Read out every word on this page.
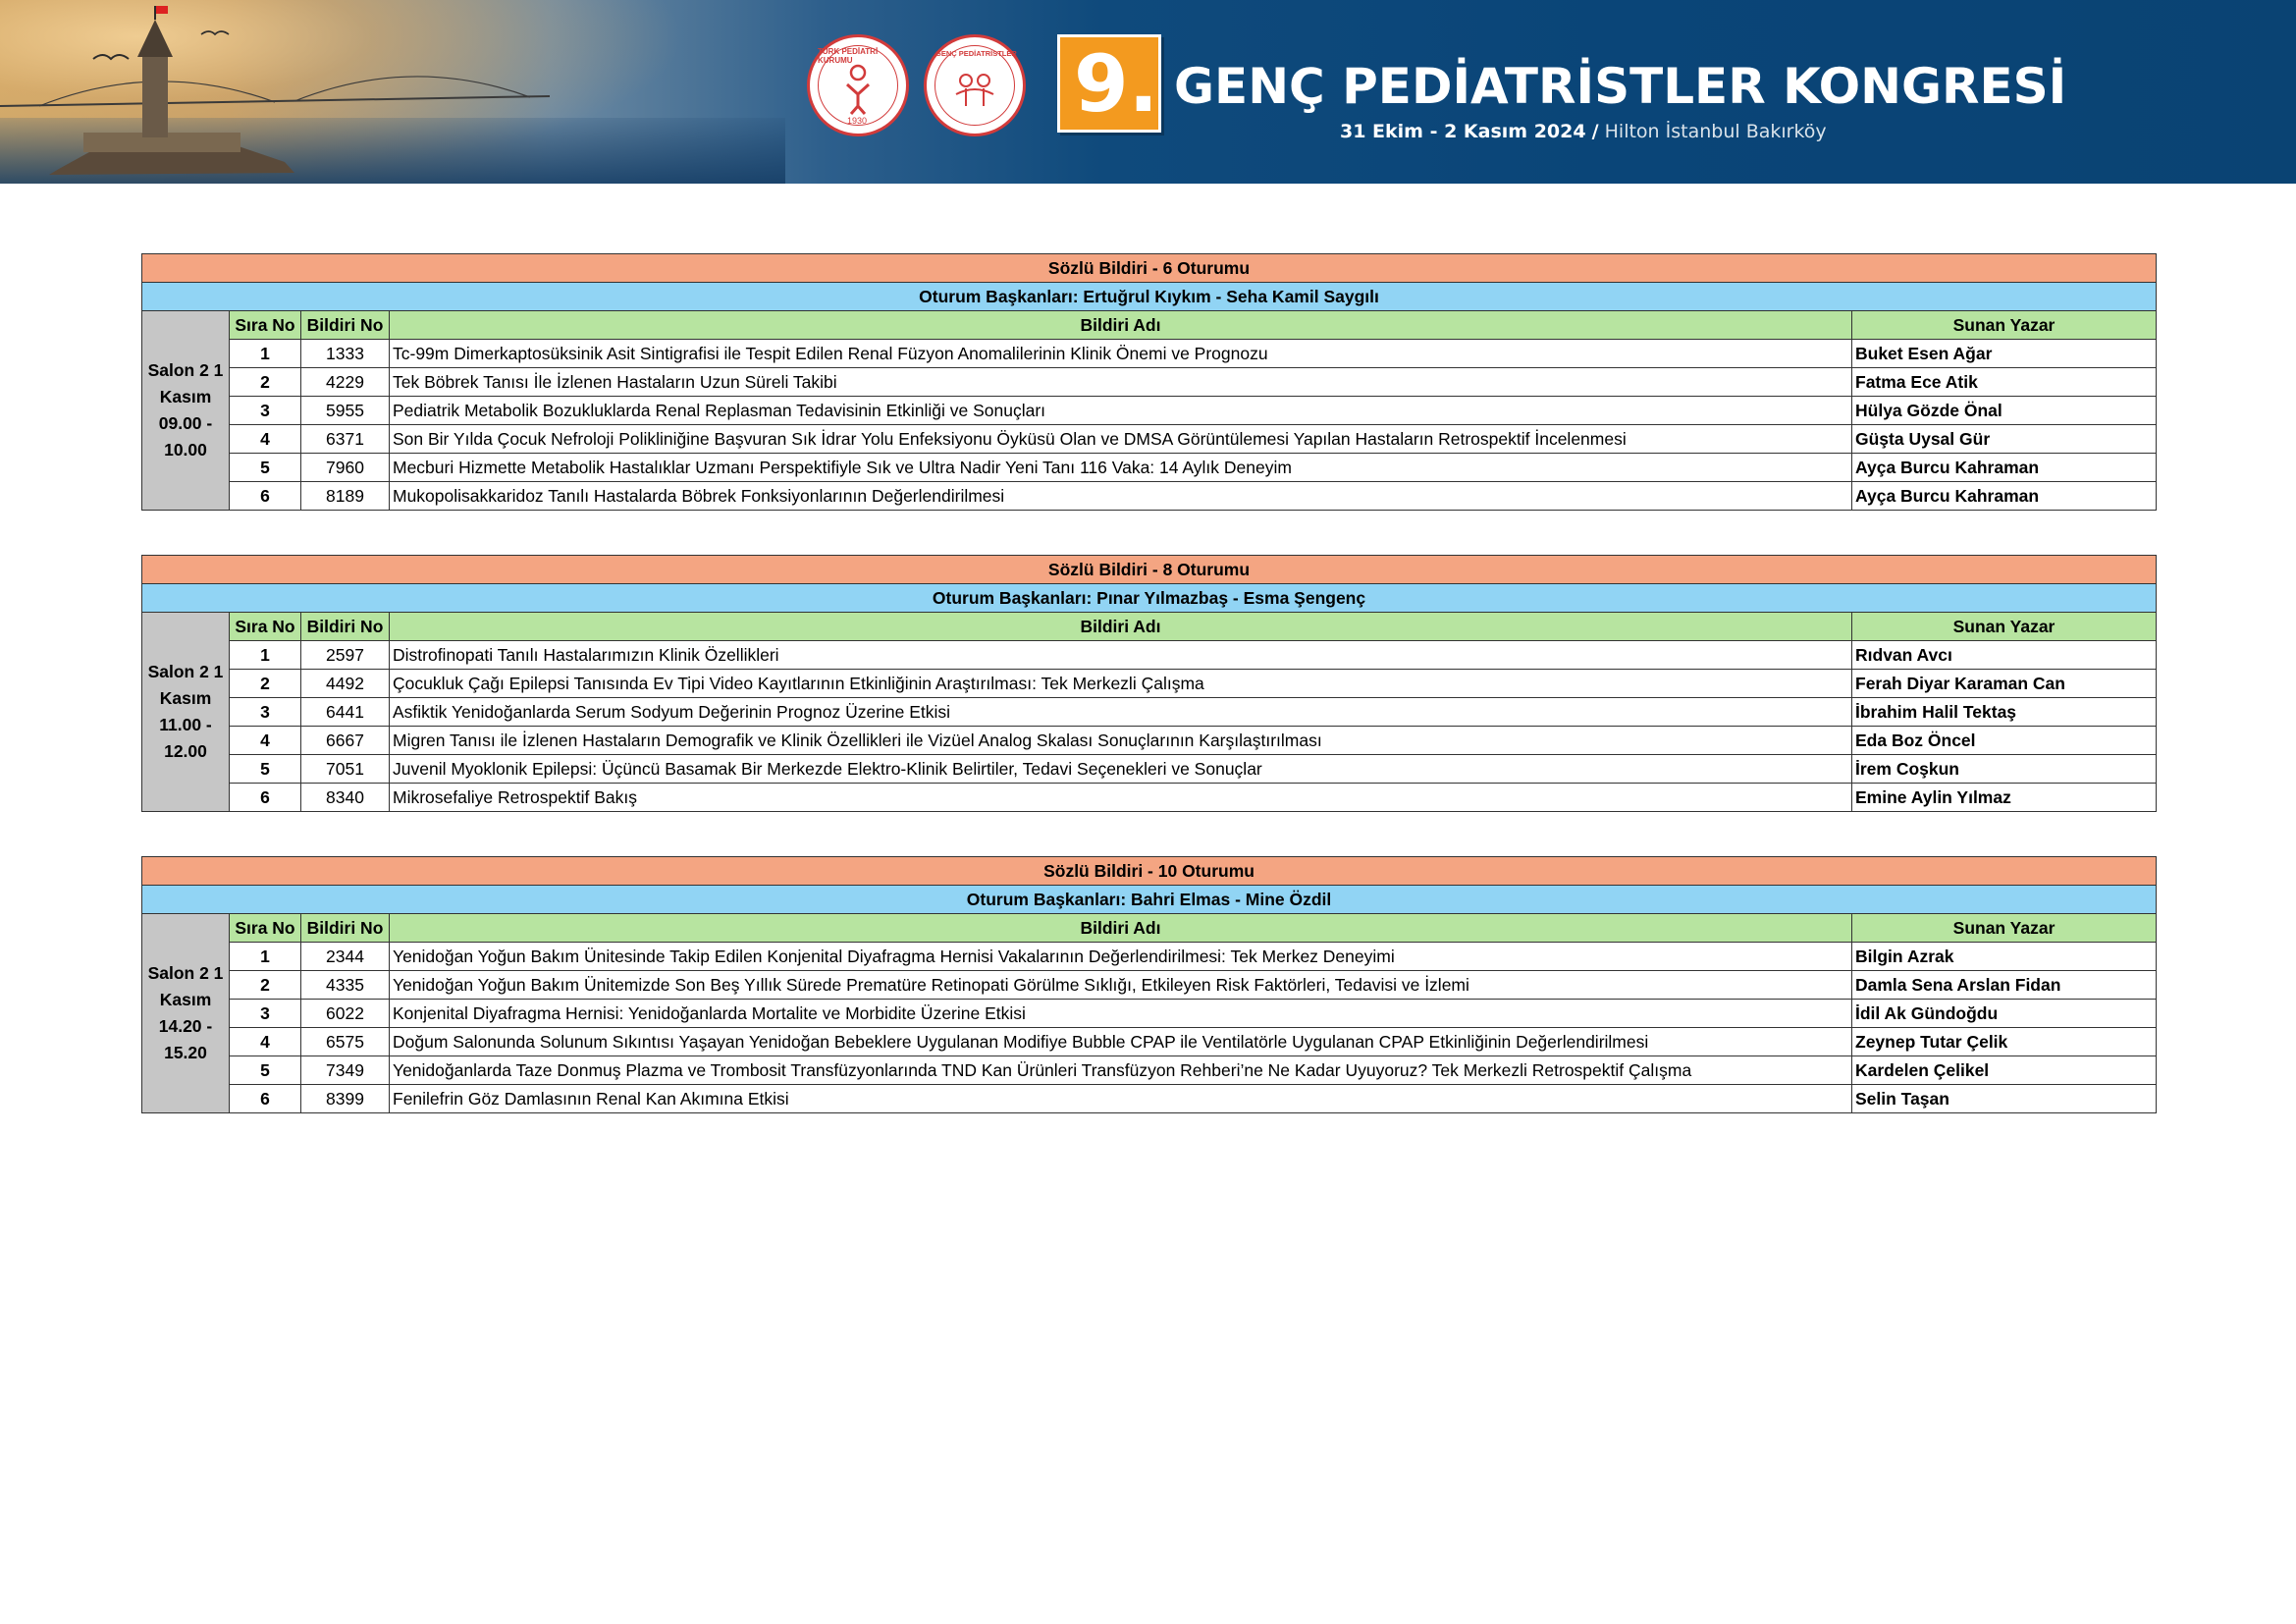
TÜRK PEDİATRİ KURUMU
1930
GENÇ PEDİATRİSTLER 9. GENÇ PEDİATRİSTLER KONGRESİ
31 Ekim - 2 Kasım 2024 / Hilton İstanbul Bakırköy
Sözlü Bildiri - 6 Oturumu				
Oturum Başkanları: Ertuğrul Kıykım - Seha Kamil Saygılı				
Salon 2 1 Kasım 09.00 - 10.00	Sıra No	Bildiri No	Bildiri Adı	Sunan Yazar
	1	1333	Tc-99m Dimerkaptosüksinik Asit Sintigrafisi ile Tespit Edilen Renal Füzyon Anomalilerinin Klinik Önemi ve Prognozu	Buket Esen Ağar
	2	4229	Tek Böbrek Tanısı İle İzlenen Hastaların Uzun Süreli Takibi	Fatma Ece Atik
	3	5955	Pediatrik Metabolik Bozukluklarda Renal Replasman Tedavisinin Etkinliği ve Sonuçları	Hülya Gözde Önal
	4	6371	Son Bir Yılda Çocuk Nefroloji Polikliniğine Başvuran Sık İdrar Yolu Enfeksiyonu Öyküsü Olan ve DMSA Görüntülemesi Yapılan Hastaların Retrospektif İncelenmesi	Güşta Uysal Gür
	5	7960	Mecburi Hizmette Metabolik Hastalıklar Uzmanı Perspektifiyle Sık ve Ultra Nadir Yeni Tanı 116 Vaka: 14 Aylık Deneyim	Ayça Burcu Kahraman
	6	8189	Mukopolisakkaridoz Tanılı Hastalarda Böbrek Fonksiyonlarının Değerlendirilmesi	Ayça Burcu Kahraman
Sözlü Bildiri - 8 Oturumu				
Oturum Başkanları: Pınar Yılmazbaş - Esma Şengenç				
Salon 2 1 Kasım 11.00 - 12.00	Sıra No	Bildiri No	Bildiri Adı	Sunan Yazar
	1	2597	Distrofinopati Tanılı Hastalarımızın Klinik Özellikleri	Rıdvan Avcı
	2	4492	Çocukluk Çağı Epilepsi Tanısında Ev Tipi Video Kayıtlarının Etkinliğinin Araştırılması: Tek Merkezli Çalışma	Ferah Diyar Karaman Can
	3	6441	Asfiktik Yenidoğanlarda Serum Sodyum Değerinin Prognoz Üzerine Etkisi	İbrahim Halil Tektaş
	4	6667	Migren Tanısı ile İzlenen Hastaların Demografik ve Klinik Özellikleri ile Vizüel Analog Skalası Sonuçlarının Karşılaştırılması	Eda Boz Öncel
	5	7051	Juvenil Myoklonik Epilepsi: Üçüncü Basamak Bir Merkezde Elektro-Klinik Belirtiler, Tedavi Seçenekleri ve Sonuçlar	İrem Coşkun
	6	8340	Mikrosefaliye Retrospektif Bakış	Emine Aylin Yılmaz
Sözlü Bildiri - 10 Oturumu				
Oturum Başkanları: Bahri Elmas - Mine Özdil				
Salon 2 1 Kasım 14.20 - 15.20	Sıra No	Bildiri No	Bildiri Adı	Sunan Yazar
	1	2344	Yenidoğan Yoğun Bakım Ünitesinde Takip Edilen Konjenital Diyafragma Hernisi Vakalarının Değerlendirilmesi: Tek Merkez Deneyimi	Bilgin Azrak
	2	4335	Yenidoğan Yoğun Bakım Ünitemizde Son Beş Yıllık Sürede Prematüre Retinopati Görülme Sıklığı, Etkileyen Risk Faktörleri, Tedavisi ve İzlemi	Damla Sena Arslan Fidan
	3	6022	Konjenital Diyafragma Hernisi: Yenidoğanlarda Mortalite ve Morbidite Üzerine Etkisi	İdil Ak Gündoğdu
	4	6575	Doğum Salonunda Solunum Sıkıntısı Yaşayan Yenidoğan Bebeklere Uygulanan Modifiye Bubble CPAP ile Ventilatörle Uygulanan CPAP Etkinliğinin Değerlendirilmesi	Zeynep Tutar Çelik
	5	7349	Yenidoğanlarda Taze Donmuş Plazma ve Trombosit Transfüzyonlarında TND Kan Ürünleri Transfüzyon Rehberi’ne Ne Kadar Uyuyoruz? Tek Merkezli Retrospektif Çalışma	Kardelen Çelikel
	6	8399	Fenilefrin Göz Damlasının Renal Kan Akımına Etkisi	Selin Taşan
